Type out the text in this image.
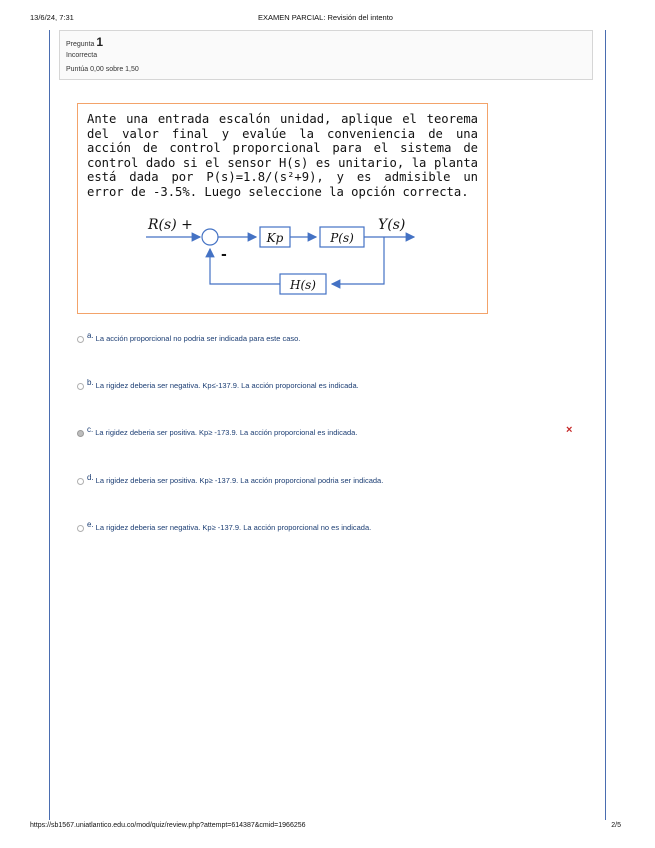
13/6/24, 7:31	EXAMEN PARCIAL: Revisión del intento
Pregunta 1
Incorrecta
Puntúa 0,00 sobre 1,50
Ante una entrada escalón unidad, aplique el teorema del valor final y evalúe la conveniencia de una acción de control proporcional para el sistema de control dado si el sensor H(s) es unitario, la planta está dada por P(s)=1.8/(s²+9), y es admisible un error de -3.5%. Luego seleccione la opción correcta.
R(s) +
-
Kp	P(s)
Y(s)
H(s)
a. La acción proporcional no podria ser indicada para este caso.
b. La rigidez deberia ser negativa. Kp≤-137.9. La acción proporcional es indicada.
c. La rigidez deberia ser positiva. Kp≥ -173.9. La acción proporcional es indicada.
d. La rigidez deberia ser positiva. Kp≥ -137.9. La acción proporcional podria ser indicada.
e. La rigidez deberia ser negativa. Kp≥ -137.9. La acción proporcional no es indicada.
×
https://sb1567.uniatlantico.edu.co/mod/quiz/review.php?attempt=614387&cmid=1966256	2/5
